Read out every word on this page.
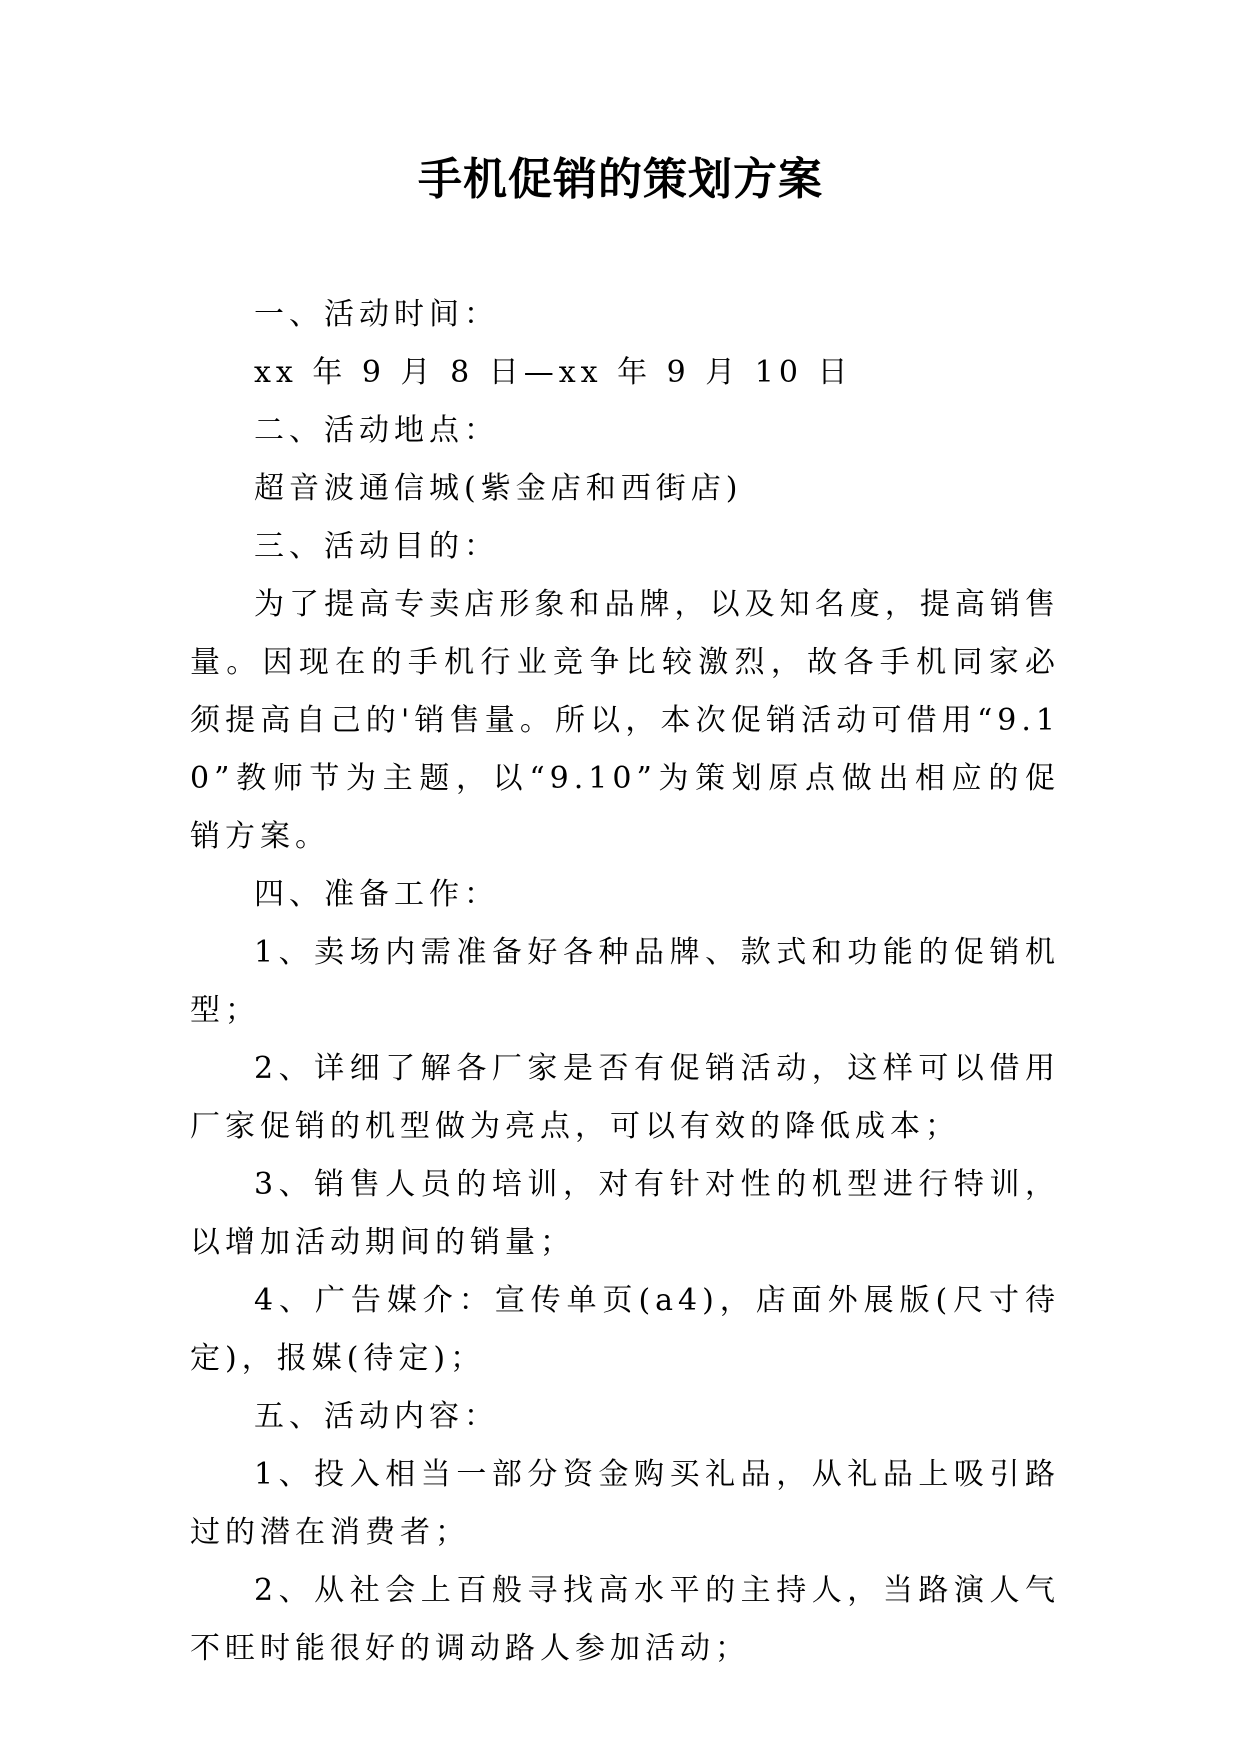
手机促销的策划方案

一、活动时间：

xx 年 9 月 8 日—xx 年 9 月 10 日

二、活动地点：

超音波通信城(紫金店和西街店)

三、活动目的：

为了提高专卖店形象和品牌，以及知名度，提高销售量。因现在的手机行业竞争比较激烈，故各手机同家必须提高自己的'销售量。所以，本次促销活动可借用“9.10”教师节为主题，以“9.10”为策划原点做出相应的促销方案。

四、准备工作：

1、卖场内需准备好各种品牌、款式和功能的促销机型；

2、详细了解各厂家是否有促销活动，这样可以借用厂家促销的机型做为亮点，可以有效的降低成本；

3、销售人员的培训，对有针对性的机型进行特训，以增加活动期间的销量；

4、广告媒介：宣传单页(a4)，店面外展版(尺寸待定)，报媒(待定)；

五、活动内容：

1、投入相当一部分资金购买礼品，从礼品上吸引路过的潜在消费者；

2、从社会上百般寻找高水平的主持人，当路演人气不旺时能很好的调动路人参加活动；
